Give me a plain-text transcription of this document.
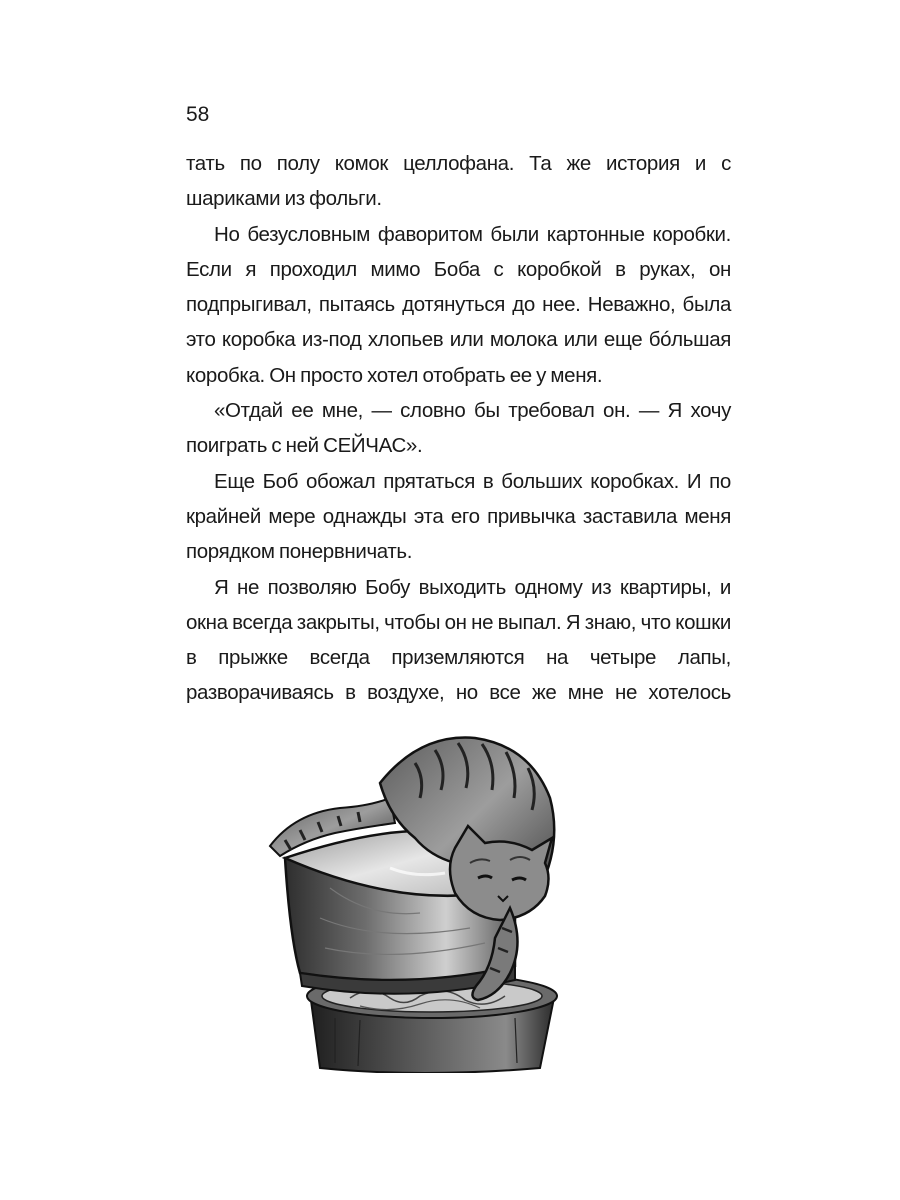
58

тать по полу комок целлофана. Та же история и с шариками из фольги.

Но безусловным фаворитом были картонные коробки. Если я проходил мимо Боба с коробкой в руках, он подпрыгивал, пытаясь дотянуться до нее. Неважно, была это коробка из-под хлопьев или молока или еще бóльшая коробка. Он просто хотел отобрать ее у меня.

«Отдай ее мне, — словно бы требовал он. — Я хочу поиграть с ней СЕЙЧАС».

Еще Боб обожал прятаться в больших коробках. И по крайней мере однажды эта его привычка заставила меня порядком понервничать.

Я не позволяю Бобу выходить одному из квартиры, и окна всегда закрыты, чтобы он не выпал. Я знаю, что кошки в прыжке всегда приземляются на четыре лапы, разворачиваясь в воздухе, но все же мне не хотелось
